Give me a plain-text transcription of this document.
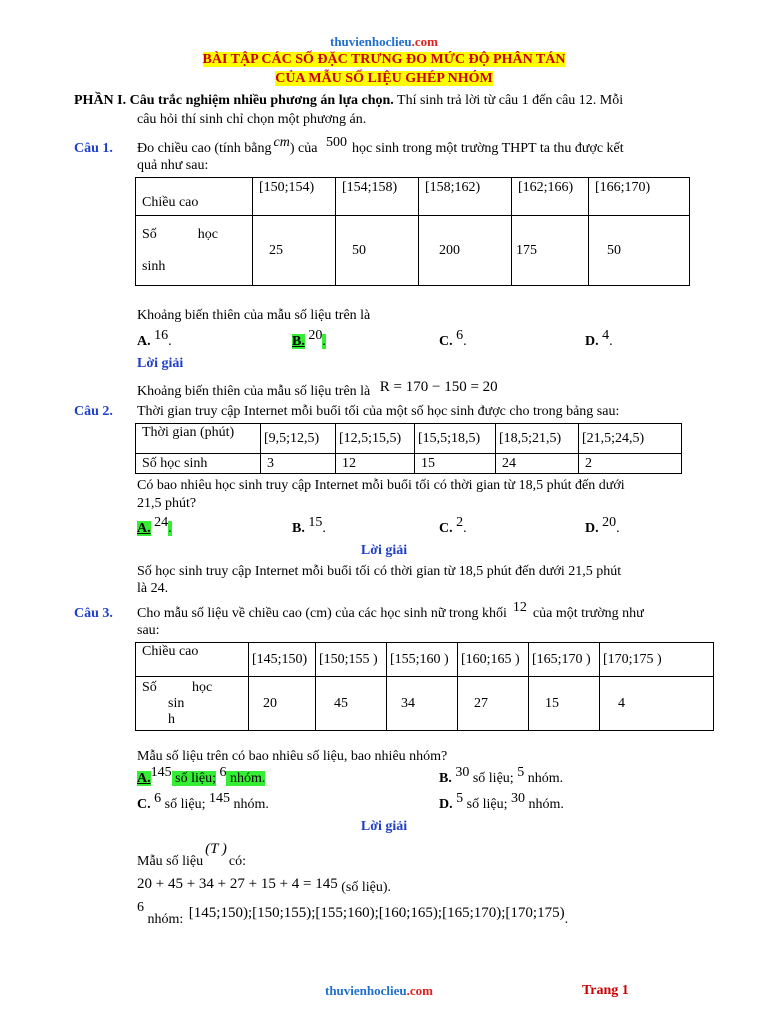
thuvienhoclieu.com
BÀI TẬP CÁC SỐ ĐẶC TRƯNG ĐO MỨC ĐỘ PHÂN TÁN
CỦA MẪU SỐ LIỆU GHÉP NHÓM
PHẦN I. Câu trắc nghiệm nhiều phương án lựa chọn. Thí sinh trả lời từ câu 1 đến câu 12. Mỗi
câu hỏi thí sinh chỉ chọn một phương án.
Câu 1. Đo chiều cao (tính bằng cm) của 500 học sinh trong một trường THPT ta thu được kết
quả như sau:
Chiều cao	[150;154)	[154;158)	[158;162)	[162;166)	[166;170)

Số học
sinh	25	50	200	175	50
Khoảng biến thiên của mẫu số liệu trên là
A. 16.	B. 20.	C. 6.	D. 4.
Lời giải
Khoảng biến thiên của mẫu số liệu trên là R = 170 − 150 = 20
Câu 2. Thời gian truy cập Internet mỗi buổi tối của một số học sinh được cho trong bảng sau:
Thời gian (phút)	[9,5;12,5)	[12,5;15,5)	[15,5;18,5)	[18,5;21,5)	[21,5;24,5)
Số học sinh	3	12	15	24	2
Có bao nhiêu học sinh truy cập Internet mỗi buổi tối có thời gian từ 18,5 phút đến dưới
21,5 phút?
A. 24.	B. 15.	C. 2.	D. 20.
Lời giải
Số học sinh truy cập Internet mỗi buổi tối có thời gian từ 18,5 phút đến dưới 21,5 phút
là 24.
Câu 3. Cho mẫu số liệu về chiều cao (cm) của các học sinh nữ trong khối 12 của một trường như
sau:
Chiều cao	[145;150)	[150;155 )	[155;160 )	[160;165 )	[165;170 )	[170;175 )

Số học
sin
h	20	45	34	27	15	4
Mẫu số liệu trên có bao nhiêu số liệu, bao nhiêu nhóm?
A.145 số liệu; 6 nhóm.	B. 30 số liệu; 5 nhóm.
C. 6 số liệu; 145 nhóm.	D. 5 số liệu; 30 nhóm.
Lời giải
Mẫu số liệu(T )có:
20 + 45 + 34 + 27 + 15 + 4 = 145 (số liệu).
6 nhóm: [145;150);[150;155);[155;160);[160;165);[165;170);[170;175).
thuvienhoclieu.com	Trang 1
